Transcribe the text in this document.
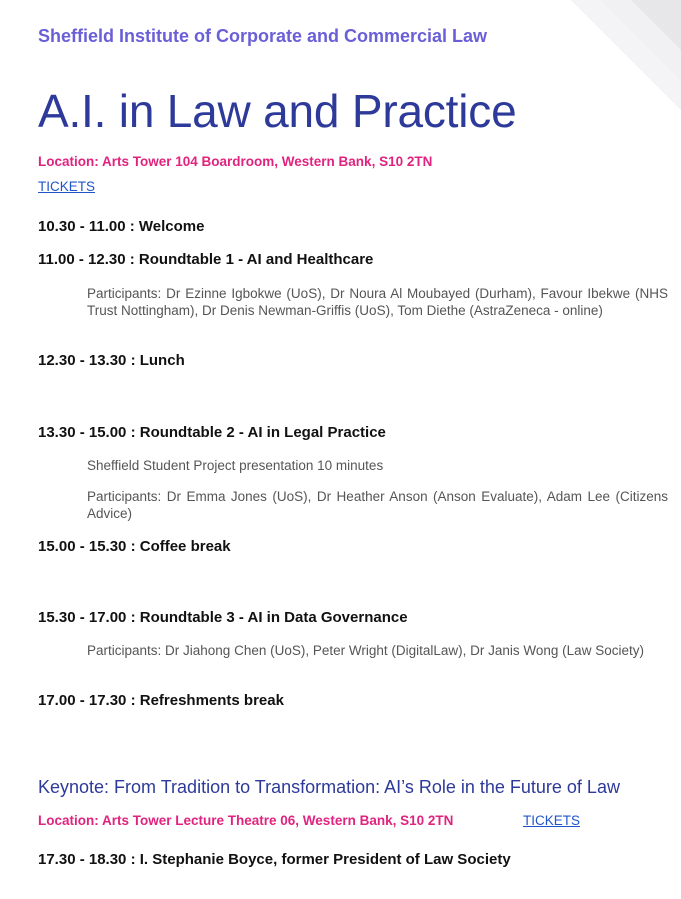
Sheffield Institute of Corporate and Commercial Law
A.I. in Law and Practice
Location: Arts Tower 104 Boardroom, Western Bank, S10 2TN
TICKETS
10.30 - 11.00 : Welcome
11.00 - 12.30 : Roundtable 1 - AI and Healthcare
Participants: Dr Ezinne Igbokwe (UoS), Dr Noura Al Moubayed (Durham), Favour Ibekwe (NHS Trust Nottingham), Dr Denis Newman-Griffis (UoS), Tom Diethe (AstraZeneca - online)
12.30 - 13.30 : Lunch
13.30 - 15.00 : Roundtable 2 - AI in Legal Practice
Sheffield Student Project presentation 10 minutes
Participants: Dr Emma Jones (UoS), Dr Heather Anson (Anson Evaluate), Adam Lee (Citizens Advice)
15.00 - 15.30 : Coffee break
15.30 - 17.00 : Roundtable 3 - AI in Data Governance
Participants: Dr Jiahong Chen (UoS), Peter Wright (DigitalLaw), Dr Janis Wong (Law Society)
17.00 - 17.30 : Refreshments break
Keynote: From Tradition to Transformation: AI’s Role in the Future of Law
Location: Arts Tower Lecture Theatre 06, Western Bank, S10 2TN	TICKETS
17.30 - 18.30 : I. Stephanie Boyce, former President of Law Society
